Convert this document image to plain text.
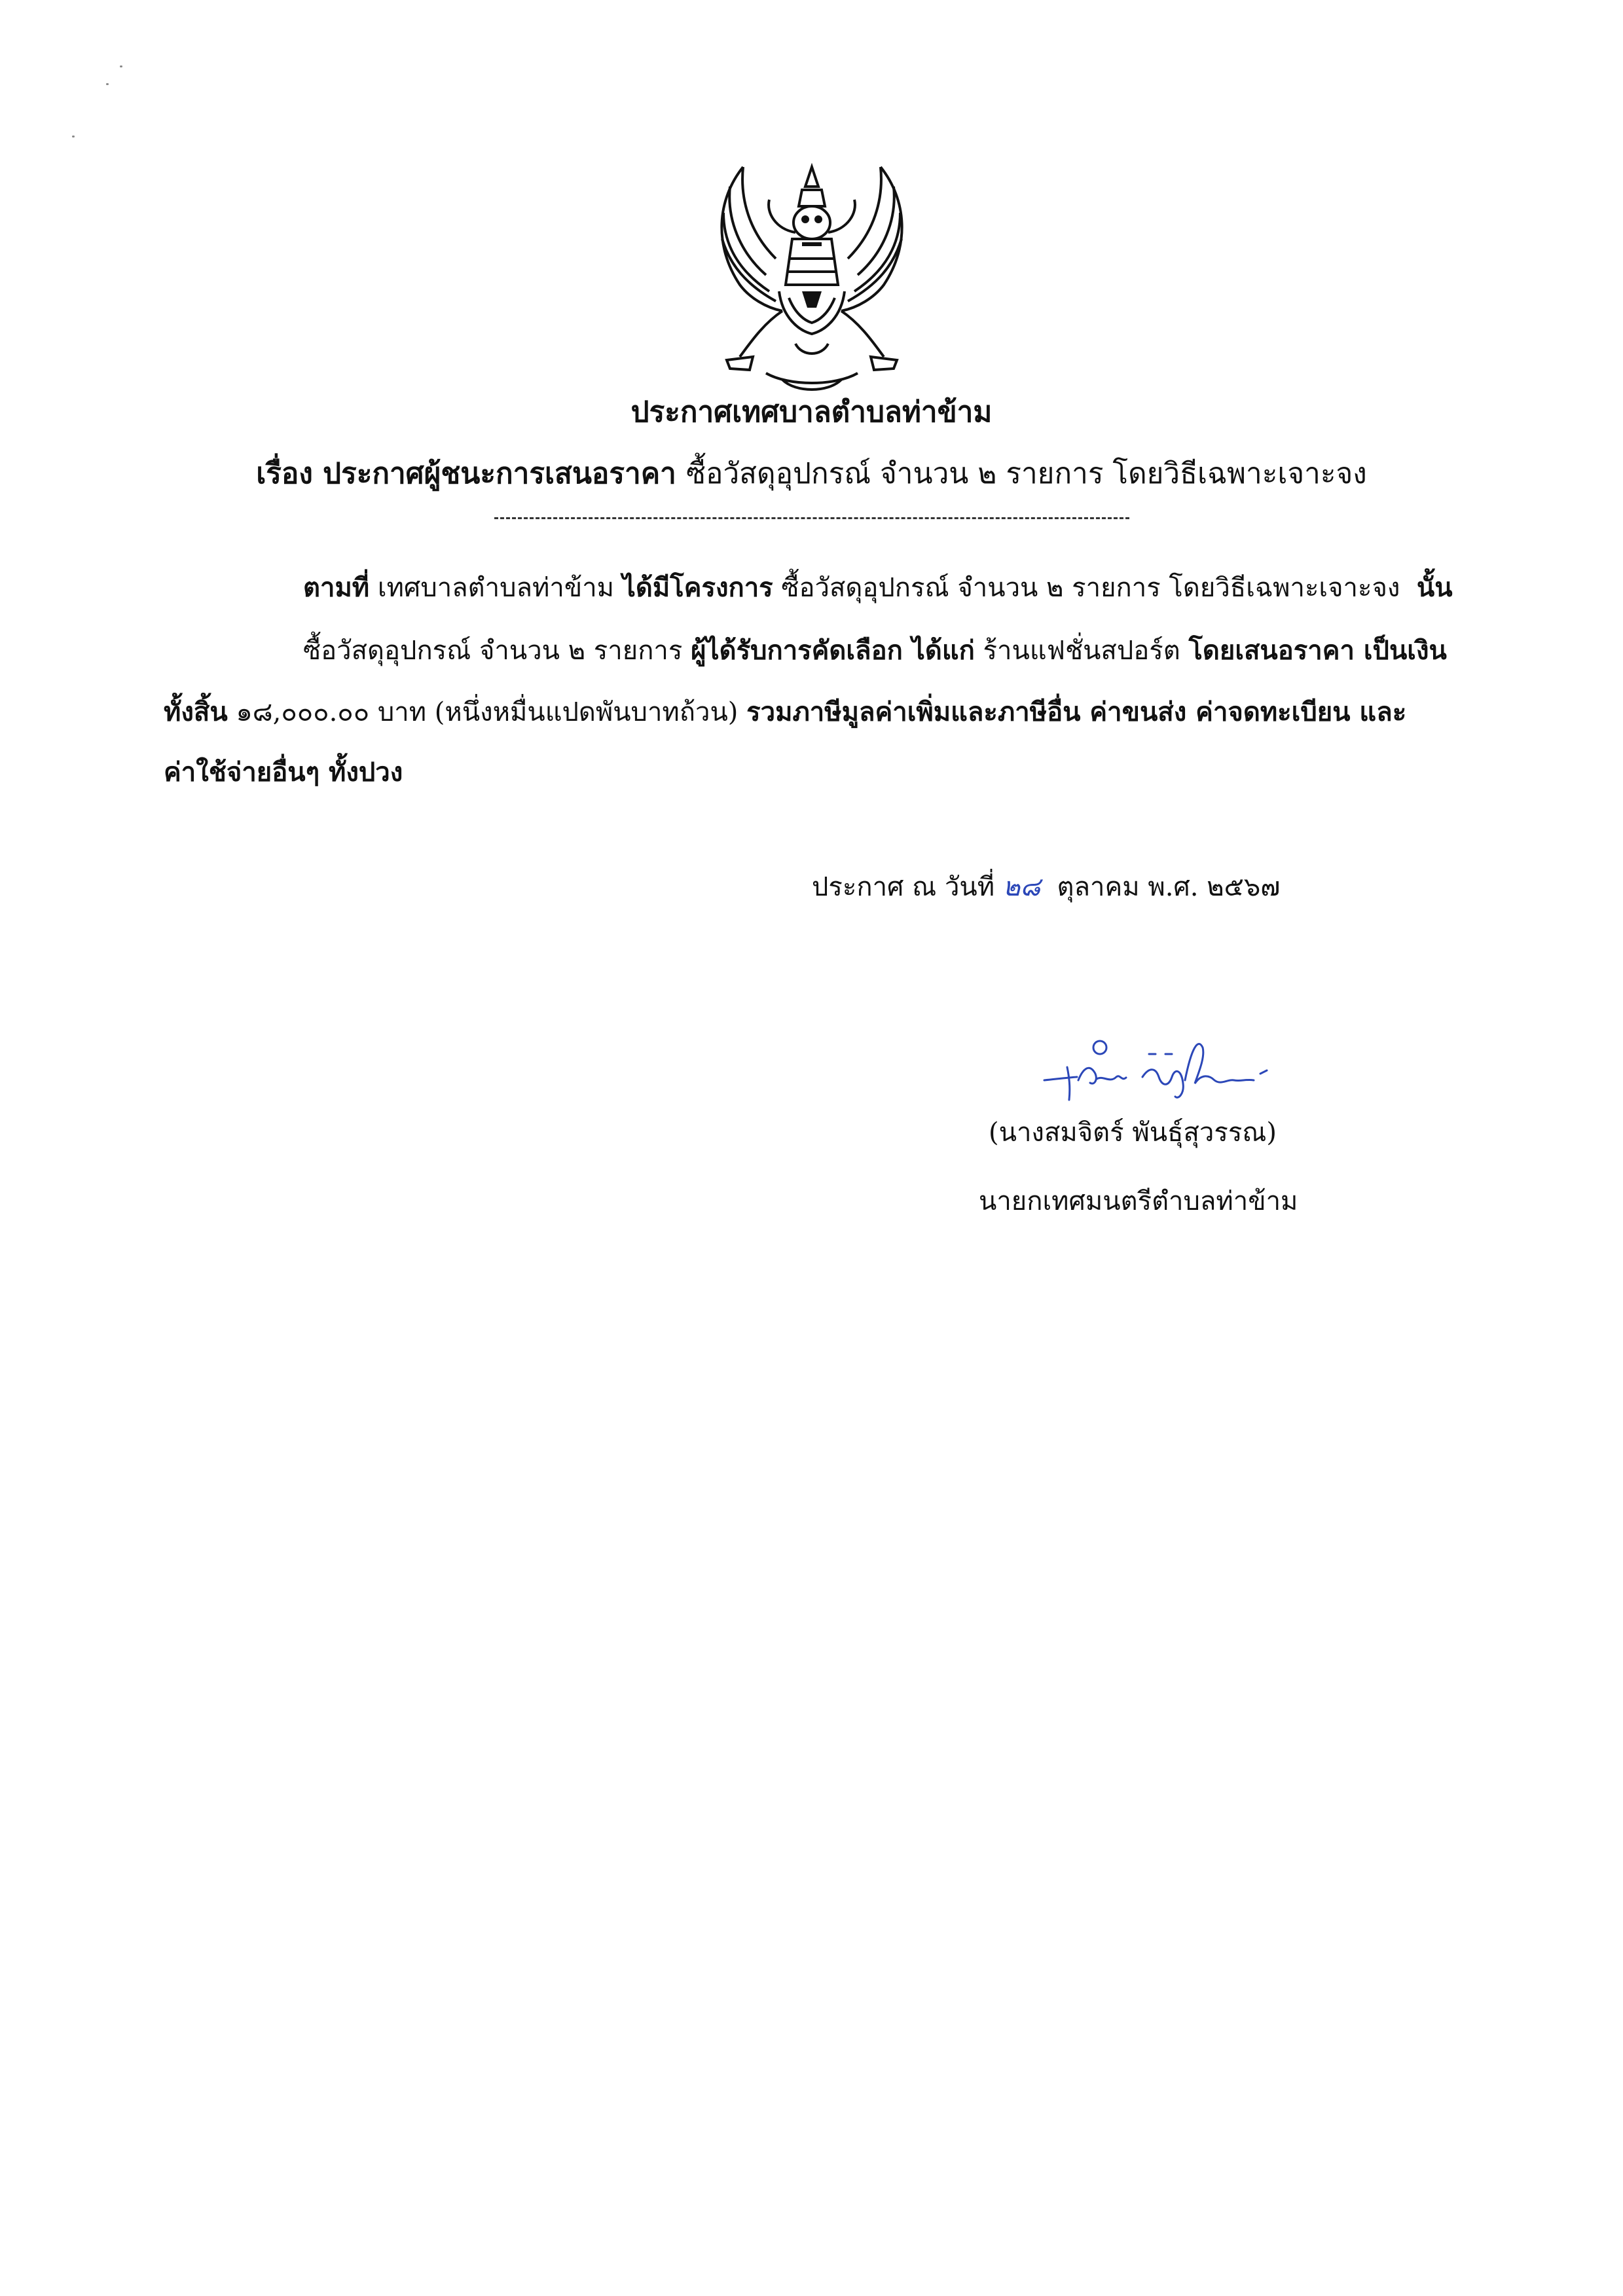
ประกาศเทศบาลตำบลท่าข้าม
เรื่อง ประกาศผู้ชนะการเสนอราคา ซื้อวัสดุอุปกรณ์ จำนวน ๒ รายการ โดยวิธีเฉพาะเจาะจง
ตามที่ เทศบาลตำบลท่าข้าม ได้มีโครงการ ซื้อวัสดุอุปกรณ์ จำนวน ๒ รายการ โดยวิธีเฉพาะเจาะจง นั้น
ซื้อวัสดุอุปกรณ์ จำนวน ๒ รายการ ผู้ได้รับการคัดเลือก ได้แก่ ร้านแฟชั่นสปอร์ต โดยเสนอราคา เป็นเงิน
ทั้งสิ้น ๑๘,๐๐๐.๐๐ บาท (หนึ่งหมื่นแปดพันบาทถ้วน) รวมภาษีมูลค่าเพิ่มและภาษีอื่น ค่าขนส่ง ค่าจดทะเบียน และ
ค่าใช้จ่ายอื่นๆ ทั้งปวง
ประกาศ ณ วันที่ ๒๘ ตุลาคม พ.ศ. ๒๕๖๗
(นางสมจิตร์ พันธุ์สุวรรณ)
นายกเทศมนตรีตำบลท่าข้าม
